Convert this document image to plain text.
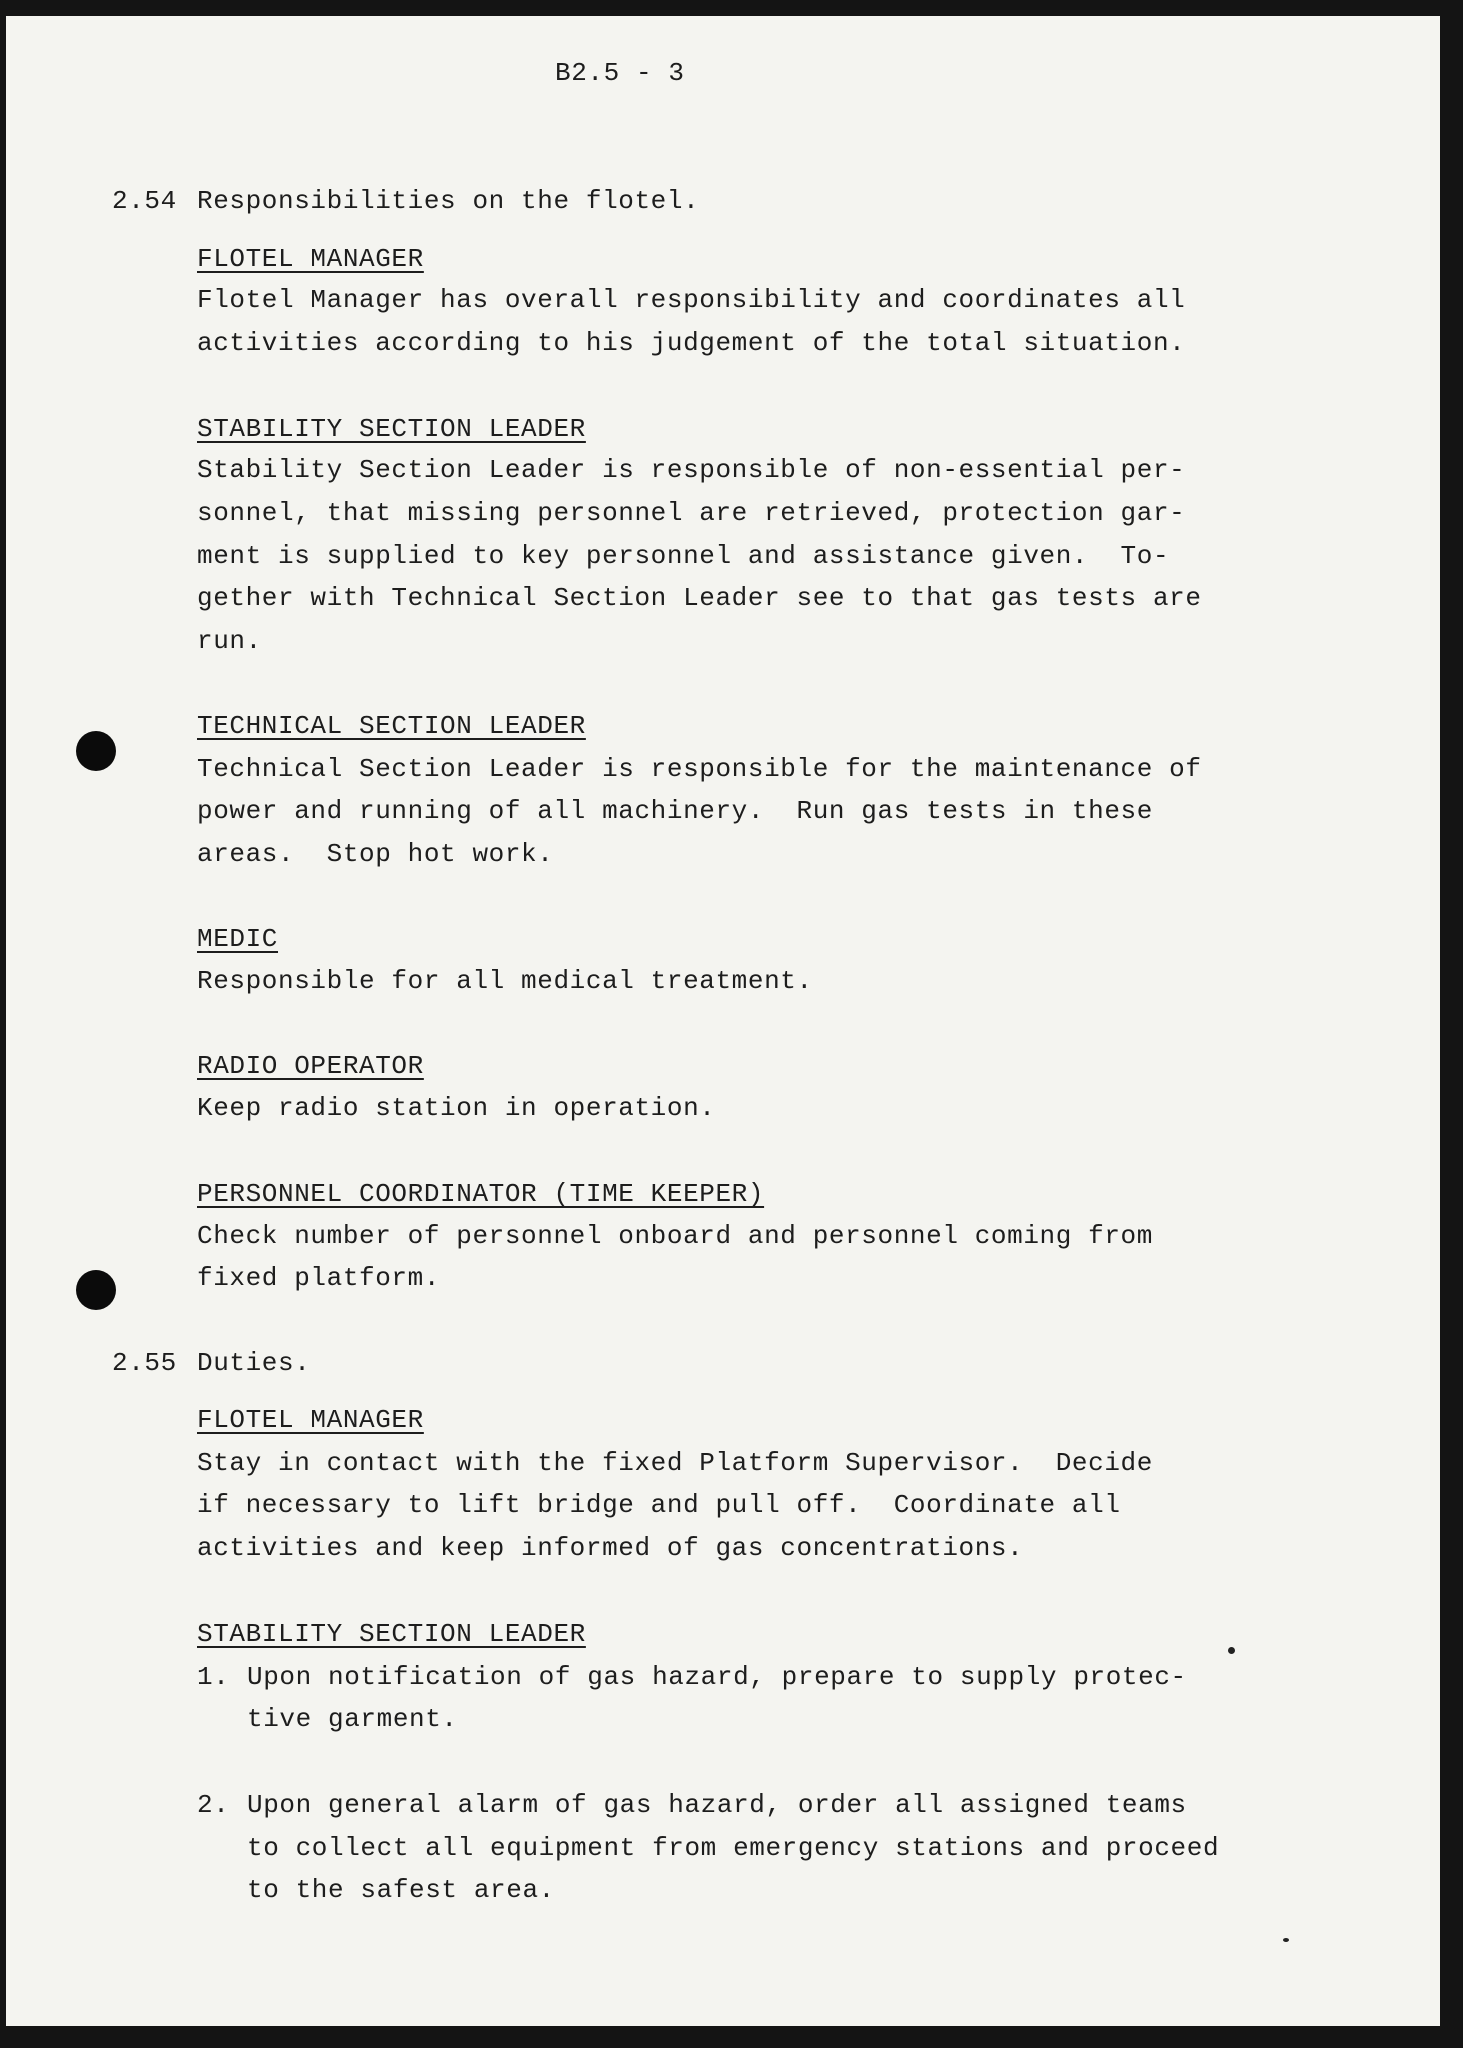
B2.5 - 3
2.54 Responsibilities on the flotel.
FLOTEL MANAGER
Flotel Manager has overall responsibility and coordinates all
activities according to his judgement of the total situation.
STABILITY SECTION LEADER
Stability Section Leader is responsible of non-essential per-
sonnel, that missing personnel are retrieved, protection gar-
ment is supplied to key personnel and assistance given.  To-
gether with Technical Section Leader see to that gas tests are
run.
TECHNICAL SECTION LEADER
Technical Section Leader is responsible for the maintenance of
power and running of all machinery.  Run gas tests in these
areas.  Stop hot work.
MEDIC
Responsible for all medical treatment.
RADIO OPERATOR
Keep radio station in operation.
PERSONNEL COORDINATOR (TIME KEEPER)
Check number of personnel onboard and personnel coming from
fixed platform.
2.55 Duties.
FLOTEL MANAGER
Stay in contact with the fixed Platform Supervisor.  Decide
if necessary to lift bridge and pull off.  Coordinate all
activities and keep informed of gas concentrations.
STABILITY SECTION LEADER
1. Upon notification of gas hazard, prepare to supply protec-
tive garment.
2. Upon general alarm of gas hazard, order all assigned teams
to collect all equipment from emergency stations and proceed
to the safest area.
